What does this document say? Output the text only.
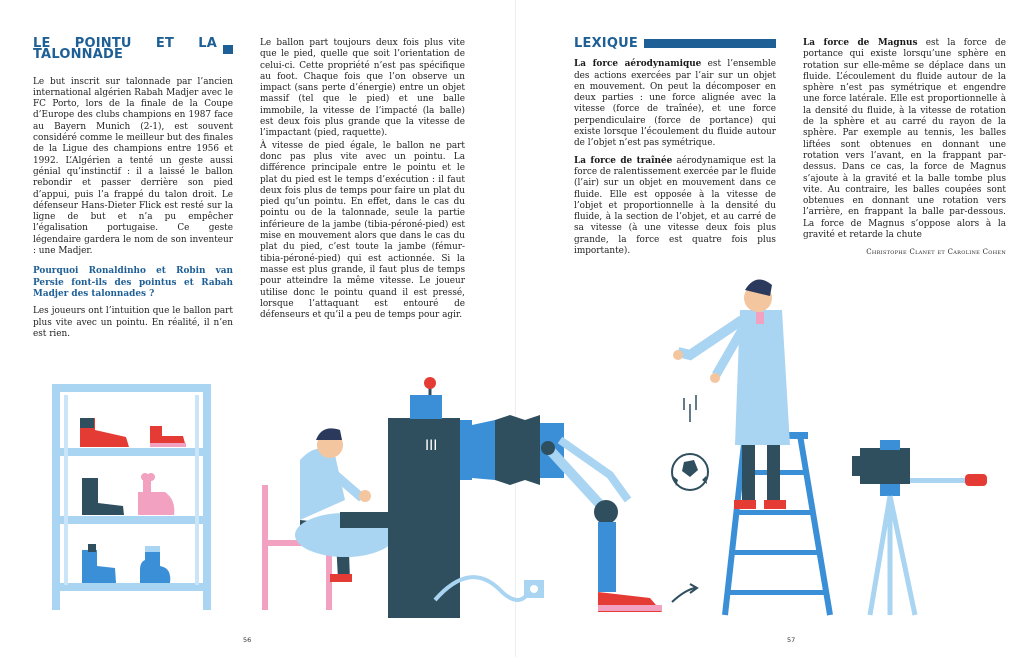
LE POINTU ET LA TALONNADE

Le but inscrit sur talonnade par l’ancien international algérien Rabah Madjer avec le FC Porto, lors de la finale de la Coupe d’Europe des clubs champions en 1987 face au Bayern Munich (2-1), est souvent considéré comme le meilleur but des finales de la Ligue des champions entre 1956 et 1992. L’Algérien a tenté un geste aussi génial qu’instinctif : il a laissé le ballon rebondir et passer derrière son pied d’appui, puis l’a frappé du talon droit. Le défenseur Hans-Dieter Flick est resté sur la ligne de but et n’a pu empêcher l’égalisation portugaise. Ce geste légendaire gardera le nom de son inventeur : une Madjer.

Pourquoi Ronaldinho et Robin van Persie font-ils des pointus et Rabah Madjer des talonnades ?

Les joueurs ont l’intuition que le ballon part plus vite avec un pointu. En réalité, il n’en est rien.

Le ballon part toujours deux fois plus vite que le pied, quelle que soit l’orientation de celui-ci. Cette propriété n’est pas spécifique au foot. Chaque fois que l’on observe un impact (sans perte d’énergie) entre un objet massif (tel que le pied) et une balle immobile, la vitesse de l’impacté (la balle) est deux fois plus grande que la vitesse de l’impactant (pied, raquette).

À vitesse de pied égale, le ballon ne part donc pas plus vite avec un pointu. La différence principale entre le pointu et le plat du pied est le temps d’exécution : il faut deux fois plus de temps pour faire un plat du pied qu’un pointu. En effet, dans le cas du pointu ou de la talonnade, seule la partie inférieure de la jambe (tibia-péroné-pied) est mise en mouvement alors que dans le cas du plat du pied, c’est toute la jambe (fémur-tibia-péroné-pied) qui est actionnée. Si la masse est plus grande, il faut plus de temps pour atteindre la même vitesse. Le joueur utilise donc le pointu quand il est pressé, lorsque l’attaquant est entouré de défenseurs et qu’il a peu de temps pour agir.

56
LEXIQUE

La force aérodynamique est l’ensemble des actions exercées par l’air sur un objet en mouvement. On peut la décomposer en deux parties : une force alignée avec la vitesse (force de traînée), et une force perpendiculaire (force de portance) qui existe lorsque l’écoulement du fluide autour de l’objet n’est pas symétrique.

La force de traînée aérodynamique est la force de ralentissement exercée par le fluide (l’air) sur un objet en mouvement dans ce fluide. Elle est opposée à la vitesse de l’objet et proportionnelle à la densité du fluide, à la section de l’objet, et au carré de sa vitesse (à une vitesse deux fois plus grande, la force est quatre fois plus importante).

La force de Magnus est la force de portance qui existe lorsqu’une sphère en rotation sur elle-même se déplace dans un fluide. L’écoulement du fluide autour de la sphère n’est pas symétrique et engendre une force latérale. Elle est proportionnelle à la densité du fluide, à la vitesse de rotation de la sphère et au carré du rayon de la sphère. Par exemple au tennis, les balles liftées sont obtenues en donnant une rotation vers l’avant, en la frappant par-dessus. Dans ce cas, la force de Magnus s’ajoute à la gravité et la balle tombe plus vite. Au contraire, les balles coupées sont obtenues en donnant une rotation vers l’arrière, en frappant la balle par-dessous. La force de Magnus s’oppose alors à la gravité et retarde la chute

Christophe Clanet et Caroline Cohen
57
III
